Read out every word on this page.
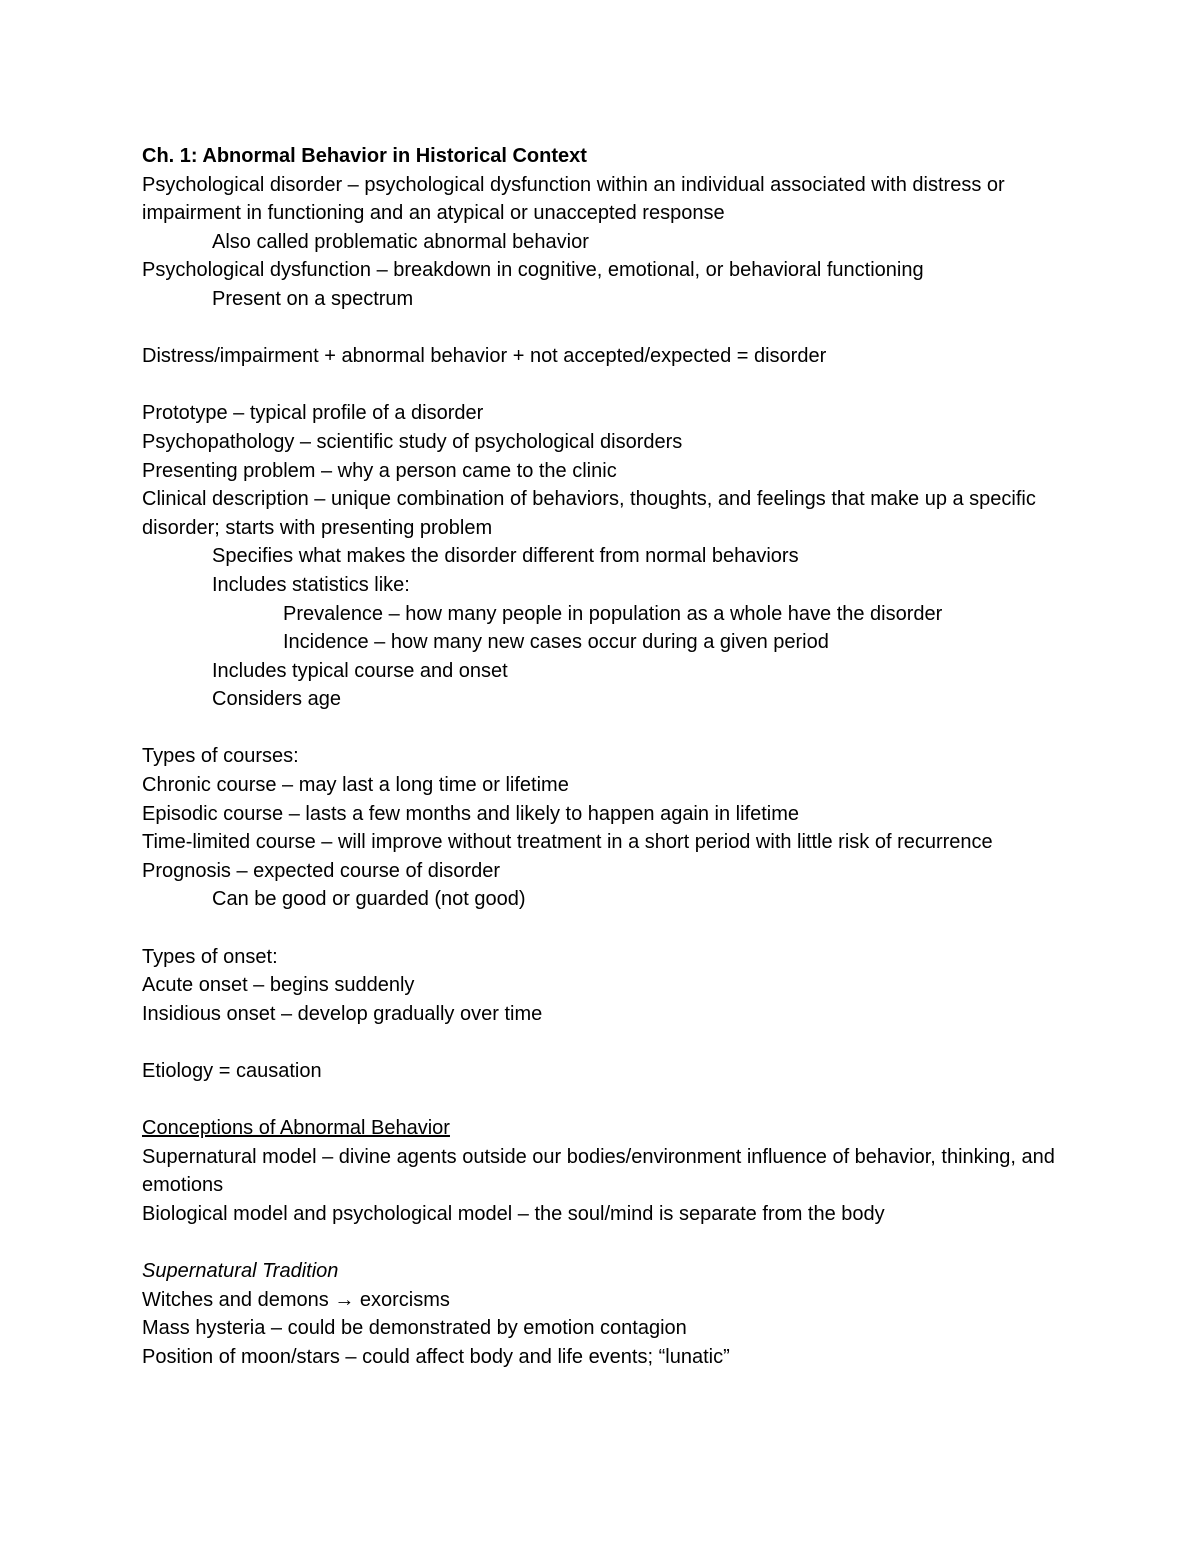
Ch. 1: Abnormal Behavior in Historical Context
Psychological disorder – psychological dysfunction within an individual associated with distress or impairment in functioning and an atypical or unaccepted response
Also called problematic abnormal behavior
Psychological dysfunction – breakdown in cognitive, emotional, or behavioral functioning
Present on a spectrum
Distress/impairment + abnormal behavior + not accepted/expected = disorder
Prototype – typical profile of a disorder
Psychopathology – scientific study of psychological disorders
Presenting problem – why a person came to the clinic
Clinical description – unique combination of behaviors, thoughts, and feelings that make up a specific disorder; starts with presenting problem
Specifies what makes the disorder different from normal behaviors
Includes statistics like:
Prevalence – how many people in population as a whole have the disorder
Incidence – how many new cases occur during a given period
Includes typical course and onset
Considers age
Types of courses:
Chronic course – may last a long time or lifetime
Episodic course – lasts a few months and likely to happen again in lifetime
Time-limited course – will improve without treatment in a short period with little risk of recurrence
Prognosis – expected course of disorder
Can be good or guarded (not good)
Types of onset:
Acute onset – begins suddenly
Insidious onset – develop gradually over time
Etiology = causation
Conceptions of Abnormal Behavior
Supernatural model – divine agents outside our bodies/environment influence of behavior, thinking, and emotions
Biological model and psychological model – the soul/mind is separate from the body
Supernatural Tradition
Witches and demons → exorcisms
Mass hysteria – could be demonstrated by emotion contagion
Position of moon/stars – could affect body and life events; “lunatic”
